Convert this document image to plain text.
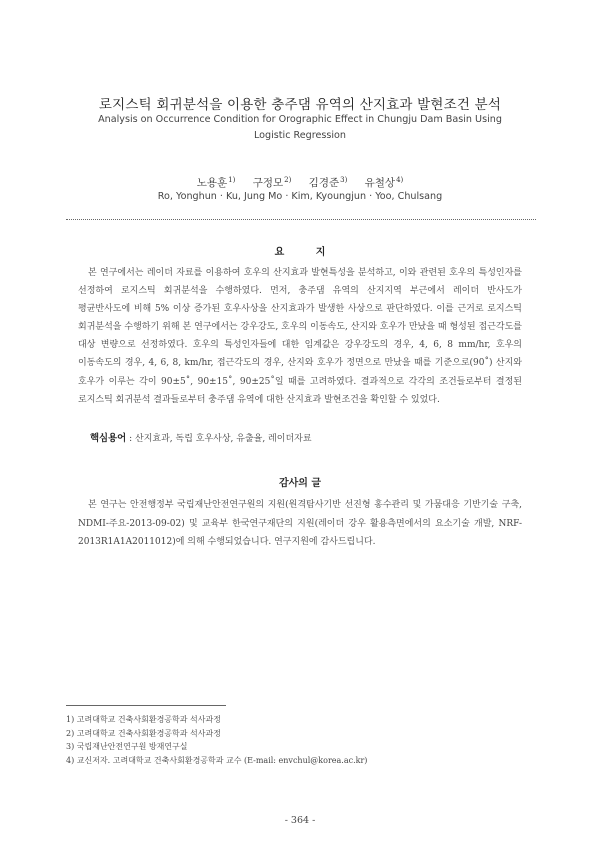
로지스틱 회귀분석을 이용한 충주댐 유역의 산지효과 발현조건 분석
Analysis on Occurrence Condition for Orographic Effect in Chungju Dam Basin Using Logistic Regression
노용훈$^{1)}$ 구정모$^{2)}$ 김경준$^{3)}$ 유철상$^{4)}$
Ro, Yonghun · Ku, Jung Mo · Kim, Kyoungjun · Yoo, Chulsang
요 지

본 연구에서는 레이더 자료를 이용하여 호우의 산지효과 발현특성을 분석하고, 이와 관련된 호우의 특성인자를 선정하여 로지스틱 회귀분석을 수행하였다. 먼저, 충주댐 유역의 산지지역 부근에서 레이더 반사도가 평균반사도에 비해 5% 이상 증가된 호우사상을 산지효과가 발생한 사상으로 판단하였다. 이를 근거로 로지스틱 회귀분석을 수행하기 위해 본 연구에서는 강우강도, 호우의 이동속도, 산지와 호우가 만났을 때 형성된 접근각도를 대상 변량으로 선정하였다. 호우의 특성인자들에 대한 임계값은 강우강도의 경우, 4, 6, 8 mm/hr, 호우의 이동속도의 경우, 4, 6, 8, km/hr, 접근각도의 경우, 산지와 호우가 정면으로 만났을 때를 기준으로(90˚) 산지와 호우가 이루는 각이 90±5˚, 90±15˚, 90±25˚일 때를 고려하였다. 결과적으로 각각의 조건들로부터 결정된 로지스틱 회귀분석 결과들로부터 충주댐 유역에 대한 산지효과 발현조건을 확인할 수 있었다.

핵심용어 : 산지효과, 독립 호우사상, 유출율, 레이더자료
감사의 글

본 연구는 안전행정부 국립재난안전연구원의 지원(원격탐사기반 선진형 홍수관리 및 가뭄대응 기반기술 구축, NDMI-주요-2013-09-02) 및 교육부 한국연구재단의 지원(레이더 강우 활용측면에서의 요소기술 개발, NRF-2013R1A1A2011012)에 의해 수행되었습니다. 연구지원에 감사드립니다.

1) 고려대학교 건축사회환경공학과 석사과정
2) 고려대학교 건축사회환경공학과 석사과정
3) 국립재난안전연구원 방재연구실
4) 교신저자. 고려대학교 건축사회환경공학과 교수 (E-mail: envchul@korea.ac.kr)
- 364 -
